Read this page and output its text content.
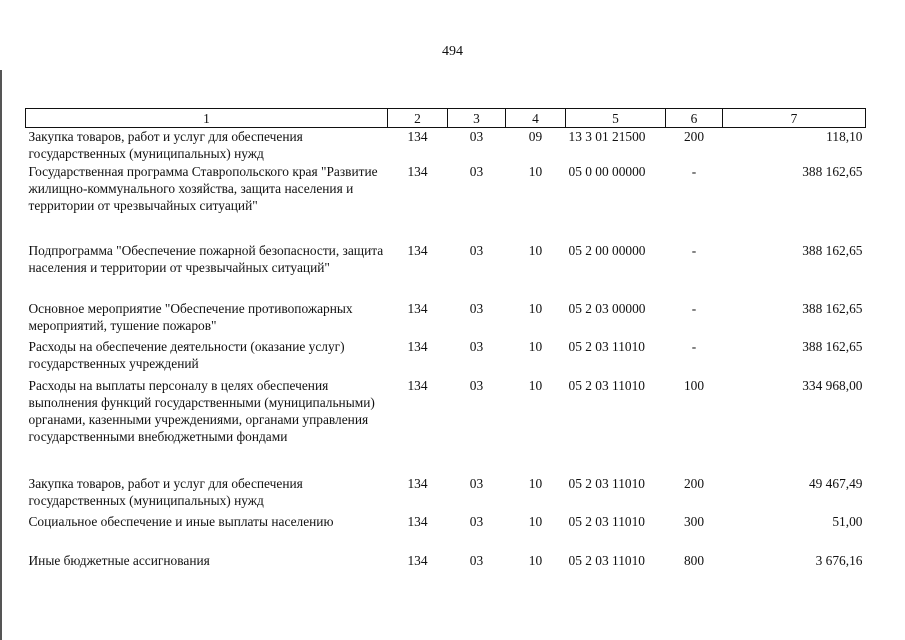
494
1	2	3	4	5	6	7
Закупка товаров, работ и услуг для обеспечения государственных (муниципальных) нужд	134	03	09	13 3 01 21500	200	118,10
Государственная программа Ставропольского края "Развитие жилищно-коммунального хозяйства, защита населения и территории от чрезвычайных ситуаций"	134	03	10	05 0 00 00000	-	388 162,65
Подпрограмма "Обеспечение пожарной безопасности, защита населения и территории от чрезвычайных ситуаций"	134	03	10	05 2 00 00000	-	388 162,65
Основное мероприятие "Обеспечение противопожарных мероприятий, тушение пожаров"	134	03	10	05 2 03 00000	-	388 162,65
Расходы на обеспечение деятельности (оказание услуг) государственных учреждений	134	03	10	05 2 03 11010	-	388 162,65
Расходы на выплаты персоналу в целях обеспечения выполнения функций государственными (муниципальными) органами, казенными учреждениями, органами управления государственными внебюджетными фондами	134	03	10	05 2 03 11010	100	334 968,00
Закупка товаров, работ и услуг для обеспечения государственных (муниципальных) нужд	134	03	10	05 2 03 11010	200	49 467,49
Социальное обеспечение и иные выплаты населению	134	03	10	05 2 03 11010	300	51,00
Иные бюджетные ассигнования	134	03	10	05 2 03 11010	800	3 676,16
